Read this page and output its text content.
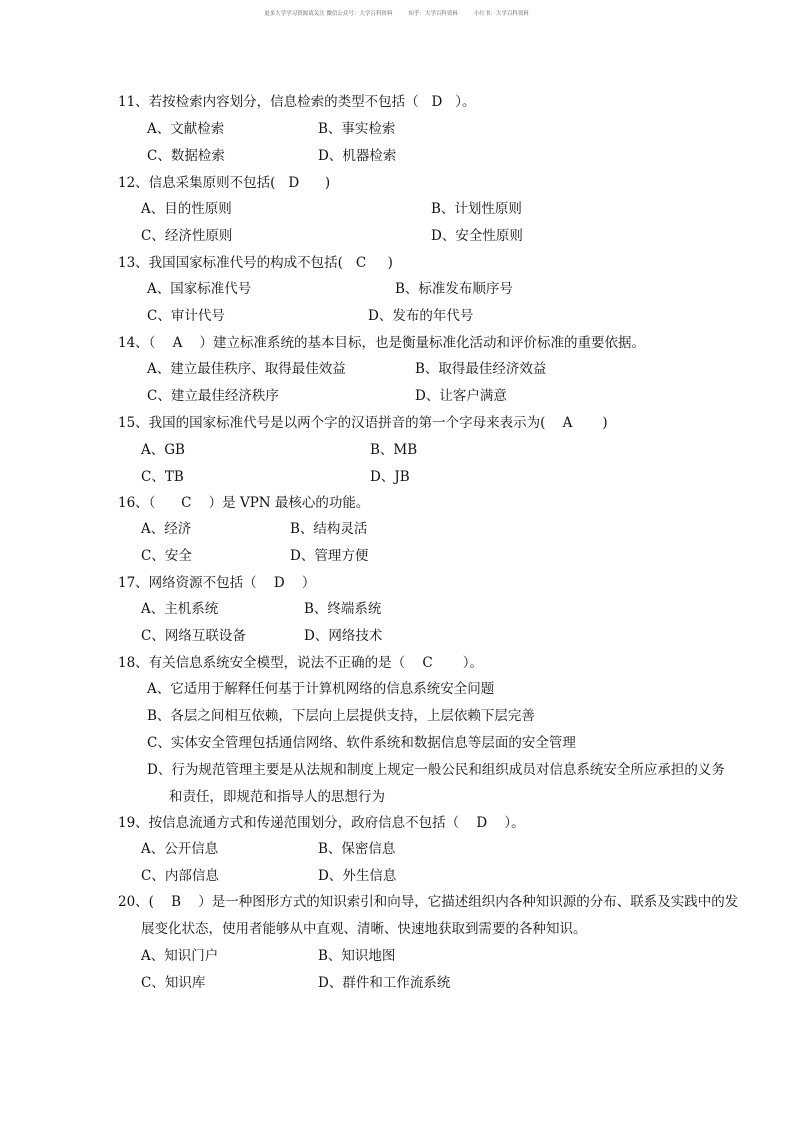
更多大学学习资源请关注 微信公众号：大学百科资料	知乎：大学百科资料	小红书：大学百科资料
11、若按检索内容划分，信息检索的类型不包括（   D   ）。
A、文献检索	B、事实检索
C、数据检索	D、机器检索
12、信息采集原则不包括(   D      )
A、目的性原则	B、计划性原则
C、经济性原则	D、安全性原则
13、我国国家标准代号的构成不包括(   C     )
A、国家标准代号	B、标准发布顺序号
C、审计代号	D、发布的年代号
14、（    A    ）建立标准系统的基本目标，也是衡量标准化活动和评价标准的重要依据。
A、建立最佳秩序、取得最佳效益	B、取得最佳经济效益
C、建立最佳经济秩序	D、让客户满意
15、我国的国家标准代号是以两个字的汉语拼音的第一个字母来表示为(    A       )
A、GB	B、MB
C、TB	D、JB
16、（      C    ）是 VPN 最核心的功能。
A、经济	B、结构灵活
C、安全	D、管理方便
17、网络资源不包括（    D    ）
A、主机系统	B、终端系统
C、网络互联设备	D、网络技术
18、有关信息系统安全模型，说法不正确的是（    C       ）。
A、它适用于解释任何基于计算机网络的信息系统安全问题
B、各层之间相互依赖，下层向上层提供支持，上层依赖下层完善
C、实体安全管理包括通信网络、软件系统和数据信息等层面的安全管理
D、行为规范管理主要是从法规和制度上规定一般公民和组织成员对信息系统安全所应承担的义务
和责任，即规范和指导人的思想行为
19、按信息流通方式和传递范围划分，政府信息不包括（    D    ）。
A、公开信息	B、保密信息
C、内部信息	D、外生信息
20、(    B    ）是一种图形方式的知识索引和向导，它描述组织内各种知识源的分布、联系及实践中的发
展变化状态，使用者能够从中直观、清晰、快速地获取到需要的各种知识。
A、知识门户	B、知识地图
C、知识库	D、群件和工作流系统
